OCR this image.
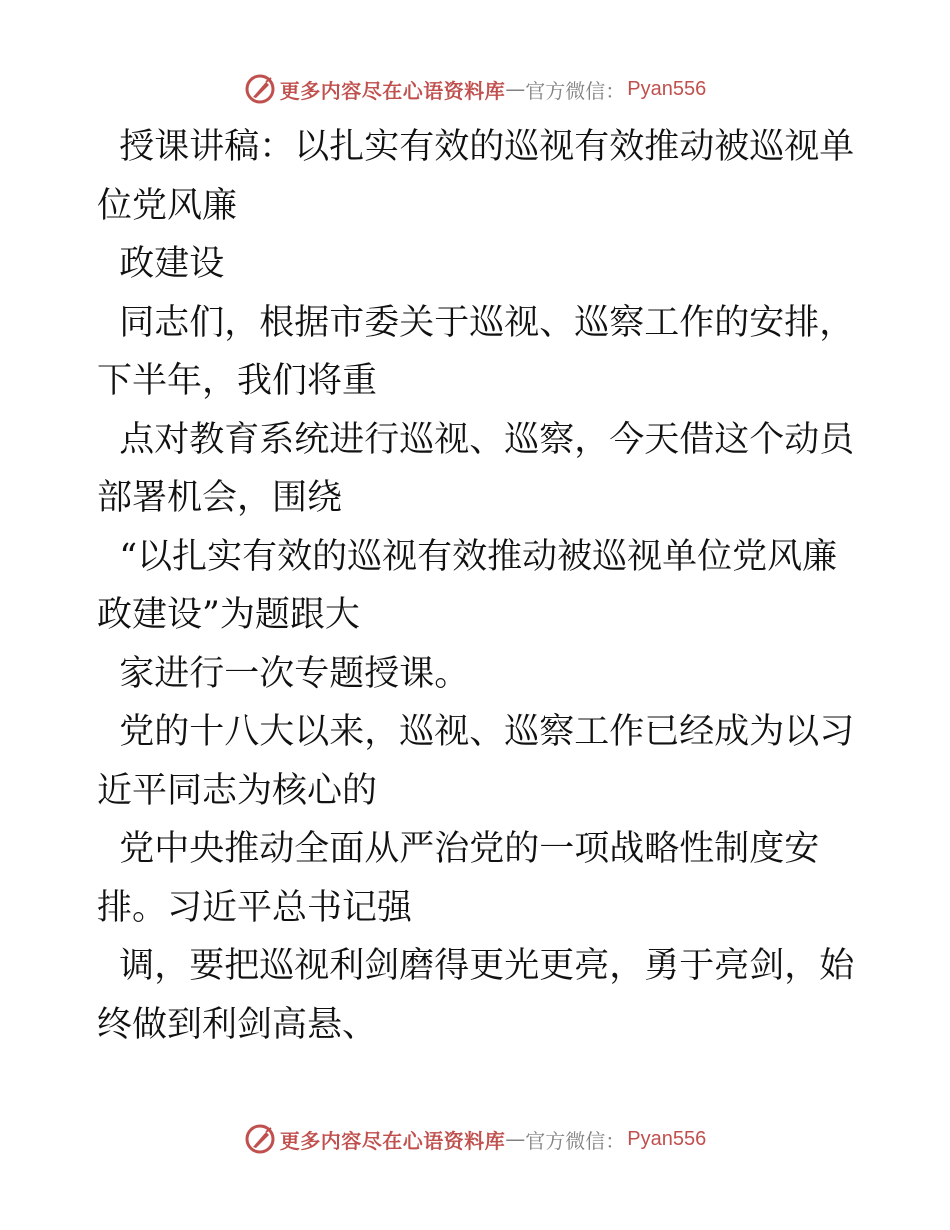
更多内容尽在心语资料库 — 官方微信： Pyan556

授课讲稿：以扎实有效的巡视有效推动被巡视单

位党风廉

政建设

同志们，根据市委关于巡视、巡察工作的安排，

下半年，我们将重

点对教育系统进行巡视、巡察，今天借这个动员

部署机会，围绕

“以扎实有效的巡视有效推动被巡视单位党风廉

政建设”为题跟大

家进行一次专题授课。

党的十八大以来，巡视、巡察工作已经成为以习

近平同志为核心的

党中央推动全面从严治党的一项战略性制度安

排。习近平总书记强

调，要把巡视利剑磨得更光更亮，勇于亮剑，始

终做到利剑高悬、

更多内容尽在心语资料库 — 官方微信： Pyan556
